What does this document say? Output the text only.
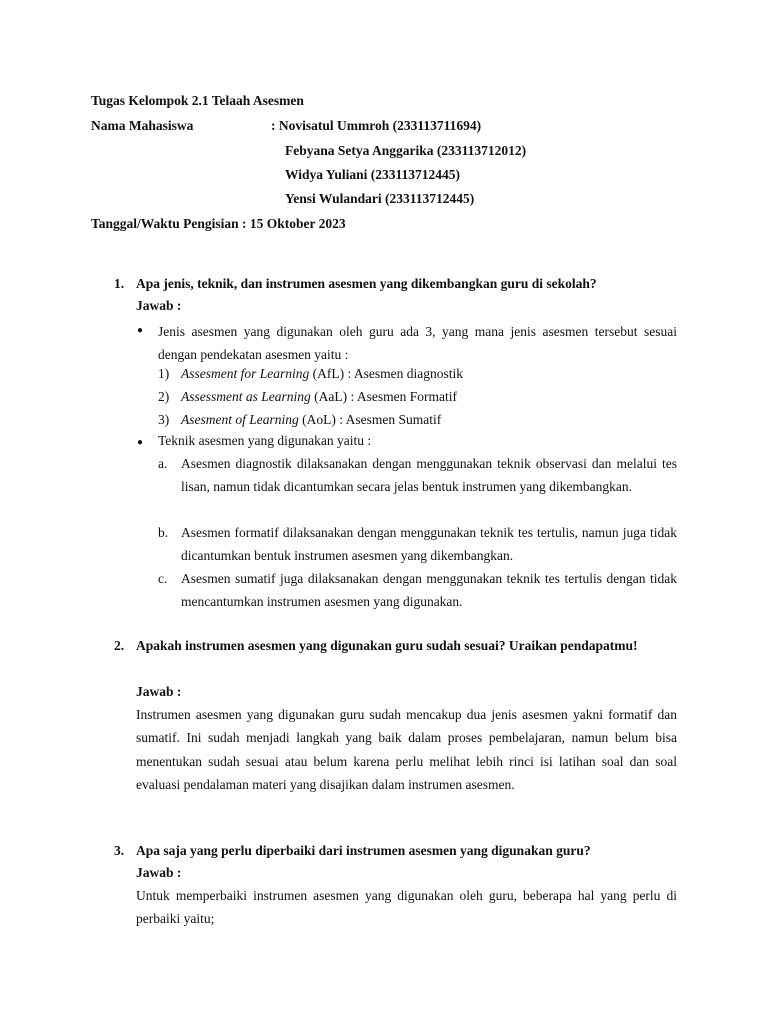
Tugas Kelompok 2.1 Telaah Asesmen
Nama Mahasiswa	: Novisatul Ummroh (233113711694)
Febyana Setya Anggarika (233113712012)
Widya Yuliani (233113712445)
Yensi Wulandari (233113712445)
Tanggal/Waktu Pengisian : 15 Oktober 2023
1. Apa jenis, teknik, dan instrumen asesmen yang dikembangkan guru di sekolah?
Jawab :
● Jenis asesmen yang digunakan oleh guru ada 3, yang mana jenis asesmen tersebut sesuai dengan pendekatan asesmen yaitu :
1) Assesment for Learning (AfL) : Asesmen diagnostik
2) Assessment as Learning (AaL) : Asesmen Formatif
3) Asesment of Learning (AoL) : Asesmen Sumatif
● Teknik asesmen yang digunakan yaitu :
a. Asesmen diagnostik dilaksanakan dengan menggunakan teknik observasi dan melalui tes lisan, namun tidak dicantumkan secara jelas bentuk instrumen yang dikembangkan.
b. Asesmen formatif dilaksanakan dengan menggunakan teknik tes tertulis, namun juga tidak dicantumkan bentuk instrumen asesmen yang dikembangkan.
c. Asesmen sumatif juga dilaksanakan dengan menggunakan teknik tes tertulis dengan tidak mencantumkan instrumen asesmen yang digunakan.
2. Apakah instrumen asesmen yang digunakan guru sudah sesuai? Uraikan pendapatmu!
Jawab :
Instrumen asesmen yang digunakan guru sudah mencakup dua jenis asesmen yakni formatif dan sumatif. Ini sudah menjadi langkah yang baik dalam proses pembelajaran, namun belum bisa menentukan sudah sesuai atau belum karena perlu melihat lebih rinci isi latihan soal dan soal evaluasi pendalaman materi yang disajikan dalam instrumen asesmen.
3. Apa saja yang perlu diperbaiki dari instrumen asesmen yang digunakan guru?
Jawab :
Untuk memperbaiki instrumen asesmen yang digunakan oleh guru, beberapa hal yang perlu di perbaiki yaitu;
